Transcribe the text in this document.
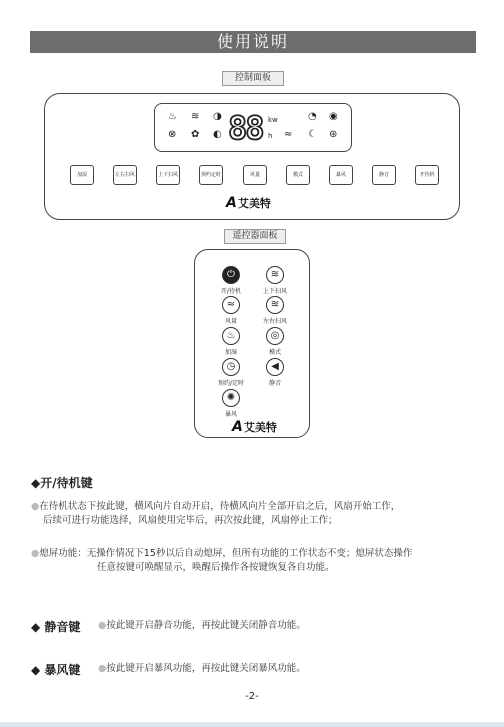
使用说明
控制面板
♨ ≋ ◑
⊗ ✿ ◐ 88 kw
h ≈
◔ ◉
☾ ⊛
加湿	左右扫风	上下扫风	预约定时	风量	模式	暴风	静音	开待机
A艾美特
遥控器面板
⏻
开/待机
≋
上下扫风
≈
风量
≋
左右扫风
♨
加湿
◎
模式
◷
预约/定时
◀
静音
✺
暴风
A艾美特
◆开/待机键
●在待机状态下按此键，横风向片自动开启，待横风向片全部开启之后，风扇开始工作，
后续可进行功能选择，风扇使用完毕后，再次按此键，风扇停止工作；
●熄屏功能：无操作情况下15秒以后自动熄屏，但所有功能的工作状态不变；熄屏状态操作
任意按键可唤醒显示，唤醒后操作各按键恢复各自功能。
◆ 静音键 ●按此键开启静音功能，再按此键关闭静音功能。
◆ 暴风键 ●按此键开启暴风功能，再按此键关闭暴风功能。
-2-
